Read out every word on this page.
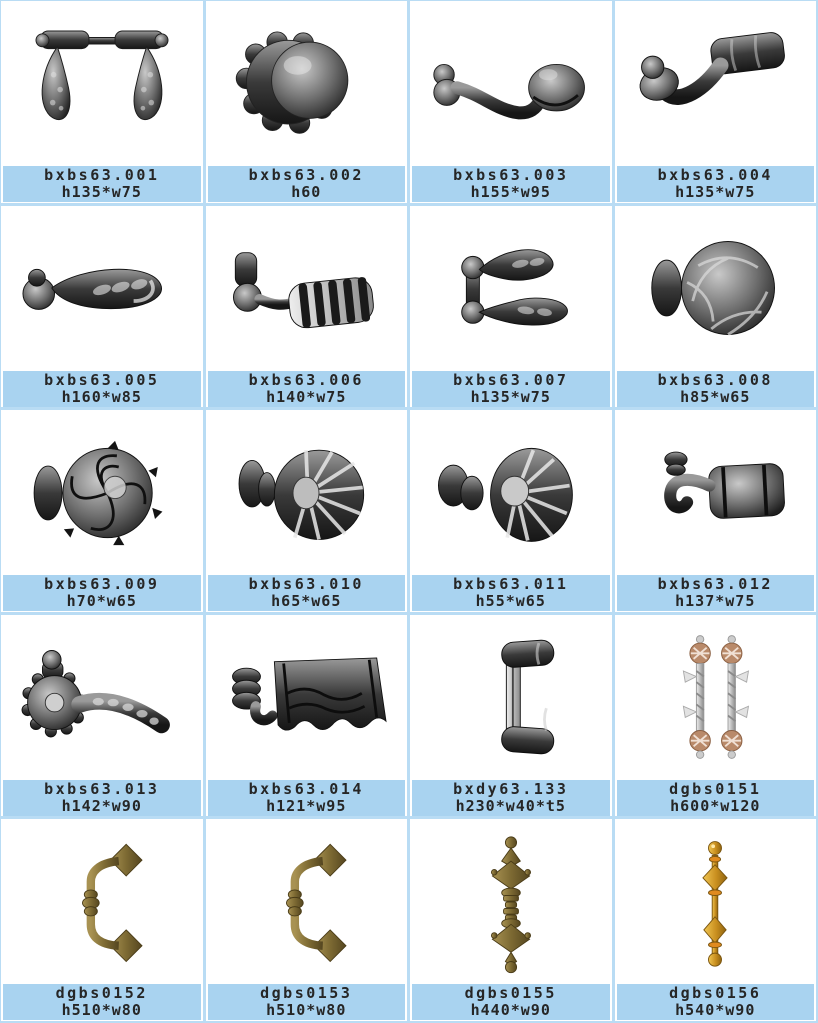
bxbs63.001
h135*w75
bxbs63.002
h60
bxbs63.003
h155*w95
bxbs63.004
h135*w75
bxbs63.005
h160*w85
bxbs63.006
h140*w75
bxbs63.007
h135*w75
bxbs63.008
h85*w65
bxbs63.009
h70*w65
bxbs63.010
h65*w65
bxbs63.011
h55*w65
bxbs63.012
h137*w75
bxbs63.013
h142*w90
bxbs63.014
h121*w95
bxdy63.133
h230*w40*t5
dgbs0151
h600*w120
dgbs0152
h510*w80
dgbs0153
h510*w80
dgbs0155
h440*w90
dgbs0156
h540*w90
